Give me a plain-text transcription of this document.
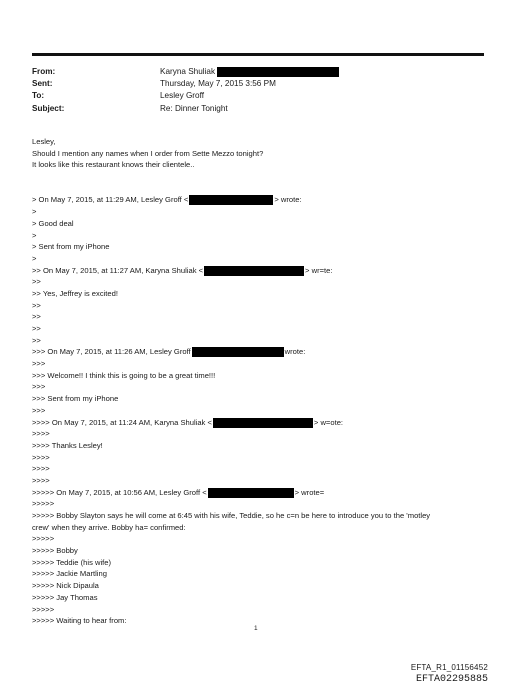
From:	Karyna Shuliak
Sent:	Thursday, May 7, 2015 3:56 PM
To:	Lesley Groff
Subject:	Re: Dinner Tonight
Lesley,
Should I mention any names when I order from Sette Mezzo tonight?
It looks like this restaurant knows their clientele..
> On May 7, 2015, at 11:29 AM, Lesley Groff <	> wrote:
>
> Good deal
>
> Sent from my iPhone
>
>> On May 7, 2015, at 11:27 AM, Karyna Shuliak <	> wr=te:
>>
>> Yes, Jeffrey is excited!
>>
>>
>>
>>
>>> On May 7, 2015, at 11:26 AM, Lesley Groff	wrote:
>>>
>>> Welcome!! I think this is going to be a great time!!!
>>>
>>> Sent from my iPhone
>>>
>>>> On May 7, 2015, at 11:24 AM, Karyna Shuliak <	> w=ote:
>>>>
>>>> Thanks Lesley!
>>>>
>>>>
>>>>
>>>>> On May 7, 2015, at 10:56 AM, Lesley Groff <	> wrote=
>>>>>
>>>>> Bobby Slayton says he will come at 6:45 with his wife, Teddie, so he c=n be here to introduce you to the 'motley
crew' when they arrive. Bobby ha= confirmed:
>>>>>
>>>>> Bobby
>>>>> Teddie (his wife)
>>>>> Jackie Martling
>>>>> Nick Dipaula
>>>>> Jay Thomas
>>>>>
>>>>> Waiting to hear from:
1
EFTA_R1_01156452
EFTA02295885
